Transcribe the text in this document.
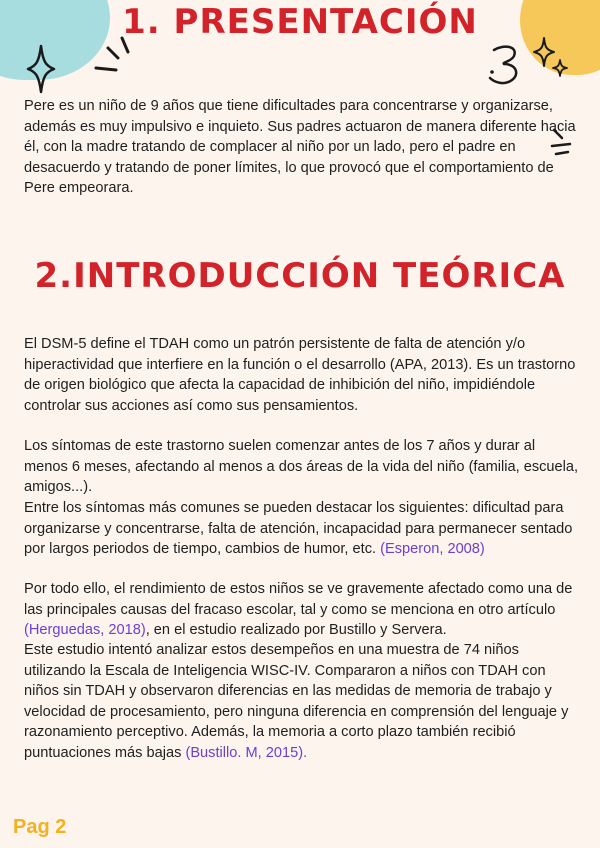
1. PRESENTACIÓN

Pere es un niño de 9 años que tiene dificultades para concentrarse y organizarse, además es muy impulsivo e inquieto. Sus padres actuaron de manera diferente hacia él, con la madre tratando de complacer al niño por un lado, pero el padre en desacuerdo y tratando de poner límites, lo que provocó que el comportamiento de Pere empeorara.

2.INTRODUCCIÓN TEÓRICA

El DSM-5 define el TDAH como un patrón persistente de falta de atención y/o hiperactividad que interfiere en la función o el desarrollo (APA, 2013). Es un trastorno de origen biológico que afecta la capacidad de inhibición del niño, impidiéndole controlar sus acciones así como sus pensamientos.

Los síntomas de este trastorno suelen comenzar antes de los 7 años y durar al menos 6 meses, afectando al menos a dos áreas de la vida del niño (familia, escuela, amigos...).

Entre los síntomas más comunes se pueden destacar los siguientes: dificultad para organizarse y concentrarse, falta de atención, incapacidad para permanecer sentado por largos periodos de tiempo, cambios de humor, etc. (Esperon, 2008)

Por todo ello, el rendimiento de estos niños se ve gravemente afectado como una de las principales causas del fracaso escolar, tal y como se menciona en otro artículo (Herguedas, 2018), en el estudio realizado por Bustillo y Servera.

Este estudio intentó analizar estos desempeños en una muestra de 74 niños utilizando la Escala de Inteligencia WISC-IV. Compararon a niños con TDAH con niños sin TDAH y observaron diferencias en las medidas de memoria de trabajo y velocidad de procesamiento, pero ninguna diferencia en comprensión del lenguaje y razonamiento perceptivo. Además, la memoria a corto plazo también recibió puntuaciones más bajas (Bustillo. M, 2015).

Pag 2
